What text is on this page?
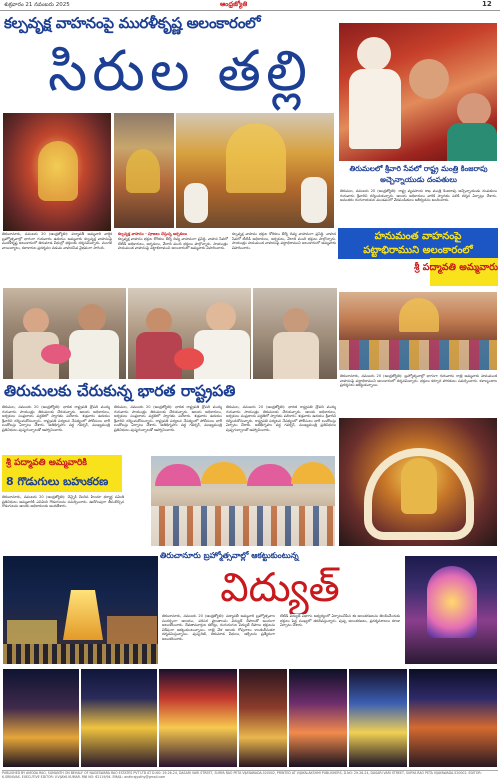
శుక్రవారం 21 నవంబరు 2025	ఆంధ్రజ్యోతి	12
కల్పవృక్ష వాహనంపై మురళీకృష్ణ అలంకారంలో
సిరుల తల్లి
తిరుచానూరు, నవంబరు 20 (ఆంధ్రజ్యోతి): పద్మావతీ అమ్మవారి వార్షిక బ్రహ్మోత్సవాల్లో భాగంగా గురువారం ఉదయం అమ్మవారు కల్పవృక్ష వాహనంపై మురళీకృష్ణ అలంకారంలో తిరుమాడ వీధుల్లో భక్తులకు దర్శనమిచ్చారు. మంగళ వాయిద్యాలు, కళాకారుల ప్రదర్శనల నడుమ వాహనసేవ వైభవంగా సాగింది.
కల్పవృక్ష వాహనం - పూజలు చేస్తున్న అర్చకులు
కల్పవృక్ష వాహనం భక్తుల కోరికలు తీర్చే దివ్య వాహనంగా ప్రసిద్ధి. వాహన సేవలో టీటీడీ అధికారులు, అర్చకులు, వేలాది మంది భక్తులు పాల్గొన్నారు. సాయంత్రం హనుమంత వాహనంపై పట్టాభిరాముని అలంకారంలో అమ్మవారు విహరించారు.
కల్పవృక్ష వాహనం భక్తుల కోరికలు తీర్చే దివ్య వాహనంగా ప్రసిద్ధి. వాహన సేవలో టీటీడీ అధికారులు, అర్చకులు, వేలాది మంది భక్తులు పాల్గొన్నారు. సాయంత్రం హనుమంత వాహనంపై పట్టాభిరాముని అలంకారంలో అమ్మవారు విహరించారు.
తిరుమలలో శ్రీవారి సేవలో రాష్ట్ర మంత్రి కింజరాపు అచ్చెన్నాయుడు దంపతులు
తిరుమల, నవంబరు 20 (ఆంధ్రజ్యోతి): రాష్ట్ర వ్యవసాయ శాఖ మంత్రి కింజరాపు అచ్చెన్నాయుడు దంపతులు గురువారం శ్రీవారిని దర్శించుకున్నారు. ఆలయ అధికారులు వారికి స్వాగతం పలికి దర్శన ఏర్పాట్లు చేశారు. అనంతరం రంగనాయకుల మండపంలో వేదపండితులు ఆశీర్వచనం అందించారు.
హనుమంత వాహనంపై
పట్టాభిరాముని అలంకారంలో
శ్రీ పద్మావతి అమ్మవారు
తిరుచానూరు, నవంబరు 20 (ఆంధ్రజ్యోతి): బ్రహ్మోత్సవాల్లో భాగంగా గురువారం రాత్రి అమ్మవారు హనుమంత వాహనంపై పట్టాభిరాముని అలంకారంలో దర్శనమిచ్చారు. భక్తులు కర్పూర హారతులు సమర్పించారు. కళాబృందాల ప్రదర్శనలు ఆకట్టుకున్నాయి.
తిరుమలకు చేరుకున్న భారత రాష్ట్రపతి
తిరుమల, నవంబరు 20 (ఆంధ్రజ్యోతి): భారత రాష్ట్రపతి ద్రౌపది ముర్ము గురువారం సాయంత్రం తిరుమలకు చేరుకున్నారు. ఆలయ అధికారులు, అర్చకులు సంప్రదాయ పద్ధతిలో స్వాగతం పలికారు. శుక్రవారం ఉదయం శ్రీవారిని దర్శించుకోనున్నారు. రాష్ట్రపతి పర్యటన నేపథ్యంలో పోలీసులు భారీ బందోబస్తు ఏర్పాటు చేశారు. అతిథిగృహం వద్ద గవర్నర్, ముఖ్యమంత్రి ప్రతినిధులు పుష్పగుచ్ఛాలతో ఆహ్వానించారు.
తిరుమల, నవంబరు 20 (ఆంధ్రజ్యోతి): భారత రాష్ట్రపతి ద్రౌపది ముర్ము గురువారం సాయంత్రం తిరుమలకు చేరుకున్నారు. ఆలయ అధికారులు, అర్చకులు సంప్రదాయ పద్ధతిలో స్వాగతం పలికారు. శుక్రవారం ఉదయం శ్రీవారిని దర్శించుకోనున్నారు. రాష్ట్రపతి పర్యటన నేపథ్యంలో పోలీసులు భారీ బందోబస్తు ఏర్పాటు చేశారు. అతిథిగృహం వద్ద గవర్నర్, ముఖ్యమంత్రి ప్రతినిధులు పుష్పగుచ్ఛాలతో ఆహ్వానించారు.
తిరుమల, నవంబరు 20 (ఆంధ్రజ్యోతి): భారత రాష్ట్రపతి ద్రౌపది ముర్ము గురువారం సాయంత్రం తిరుమలకు చేరుకున్నారు. ఆలయ అధికారులు, అర్చకులు సంప్రదాయ పద్ధతిలో స్వాగతం పలికారు. శుక్రవారం ఉదయం శ్రీవారిని దర్శించుకోనున్నారు. రాష్ట్రపతి పర్యటన నేపథ్యంలో పోలీసులు భారీ బందోబస్తు ఏర్పాటు చేశారు. అతిథిగృహం వద్ద గవర్నర్, ముఖ్యమంత్రి ప్రతినిధులు పుష్పగుచ్ఛాలతో ఆహ్వానించారు.
శ్రీ పద్మావతి అమ్మవారికి
8 గొడుగులు బహుకరణ
తిరుచానూరు, నవంబరు 20 (ఆంధ్రజ్యోతి): చెన్నైకి చెందిన హిందూ ధర్మార్థ సమితి ప్రతినిధులు అమ్మవారికి ఎనిమిది గొడుగులను సమర్పించారు. ఊరేగింపుగా తీసుకొచ్చిన గొడుగులను ఆలయ అధికారులకు అందజేశారు.
తిరుచానూరు బ్రహ్మోత్సవాల్లో ఆకట్టుకుంటున్న
విద్యుత్
తిరుచానూరు, నవంబరు 20 (ఆంధ్రజ్యోతి): పద్మావతీ అమ్మవారి బ్రహ్మోత్సవాల సందర్భంగా ఆలయం, పరిసర ప్రాంతాలను విద్యుత్ దీపాలతో అందంగా అలంకరించారు. దేవతామూర్తుల కటౌట్లు, రంగురంగుల విద్యుత్ దీపాలు భక్తులను విశేషంగా ఆకట్టుకుంటున్నాయి. రాత్రి వేళ ఆలయ గోపురాలు కాంతులీనుతూ దర్శనమిస్తున్నాయి. పుష్కరిణి, తిరుమాడ వీధులు, ఆర్చీలను ప్రత్యేకంగా అలంకరించారు.
టీటీడీ విద్యుత్ విభాగం ఆధ్వర్యంలో ఏర్పాటుచేసిన ఈ అలంకరణలను తిలకించేందుకు భక్తులు పెద్ద సంఖ్యలో తరలివస్తున్నారు. పుష్ప అలంకరణలు, ప్రదర్శనశాలలు కూడా ఏర్పాటు చేశారు.
PUBLISHED BY AMODA RAO, SUMANTH ON BEHALF OF NAGESWARA RAO ESTATES PVT LTD AT D.NO: 29-26-24, DASARI VARI STREET, SURYA RAO PETA VIJAYAWADA-520002, PRINTED AT VIJAYALAKSHMI PUBLISHERS, D.NO: 29-26-24, DASARI VARI STREET, SURYA RAO PETA VIJAYAWADA-520002. EDITOR: K.SRINIVAS. EXECUTIVE EDITOR: V.VIJAYA KUMAR. RNI NO: 62119/94. EMAIL: andhrajyothy@gmail.com
